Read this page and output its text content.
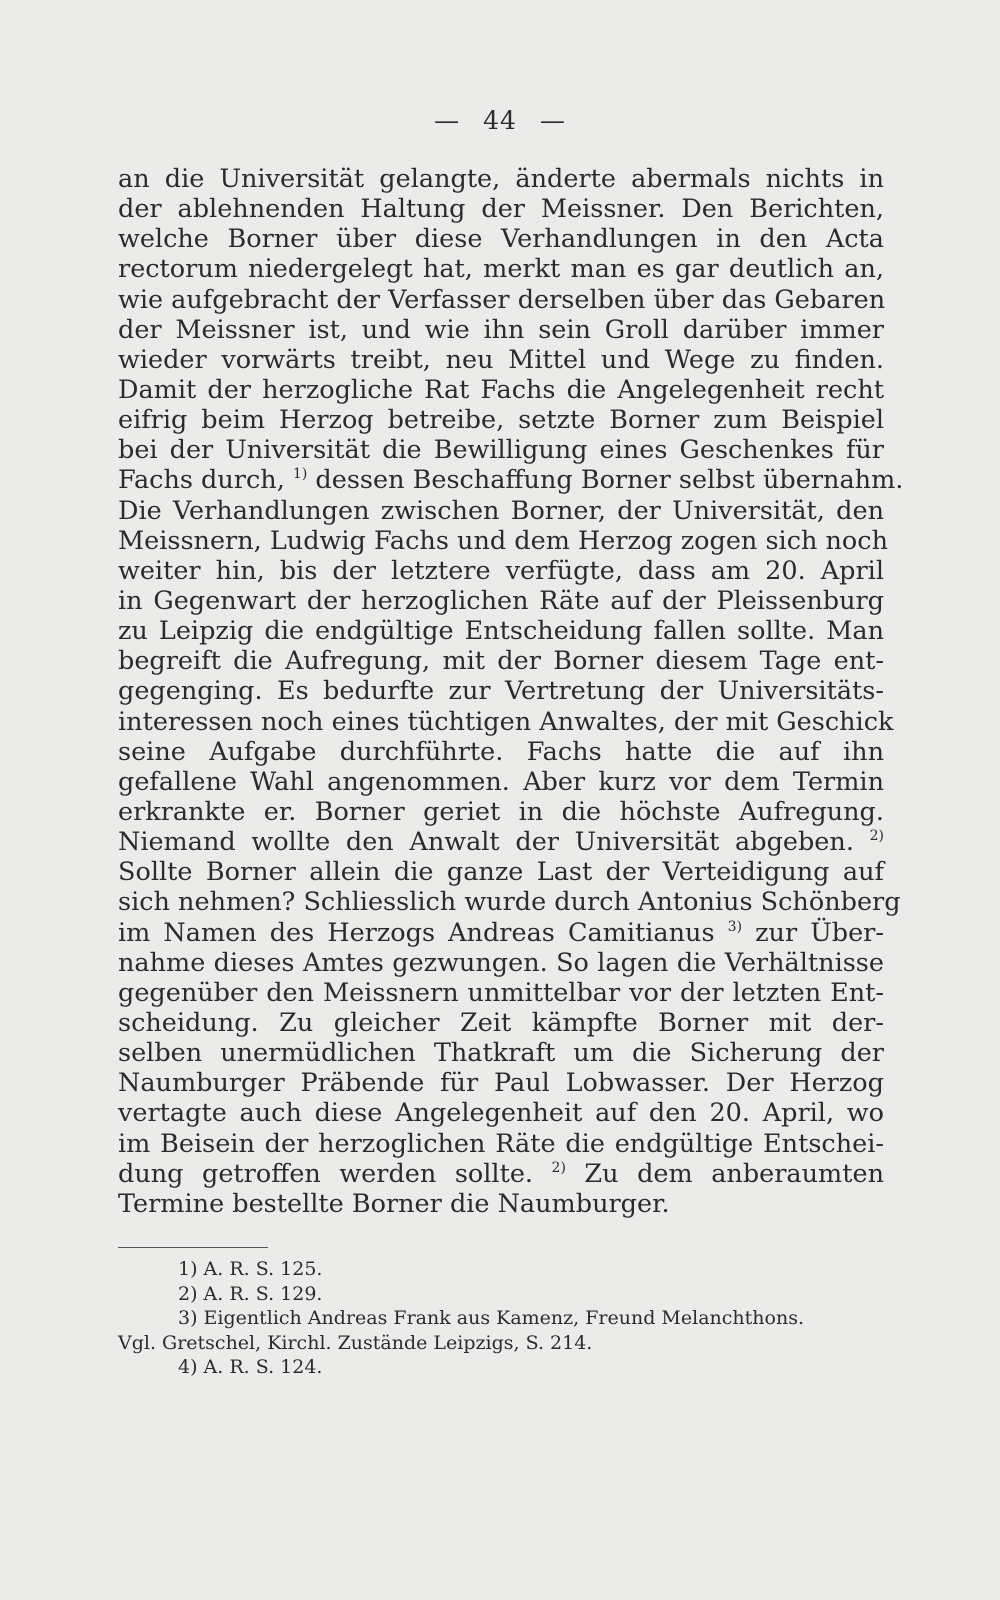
— 44 —
an die Universität gelangte, änderte abermals nichts in
der ablehnenden Haltung der Meissner. Den Berichten,
welche Borner über diese Verhandlungen in den Acta
rectorum niedergelegt hat, merkt man es gar deutlich an,
wie aufgebracht der Verfasser derselben über das Gebaren
der Meissner ist, und wie ihn sein Groll darüber immer
wieder vorwärts treibt, neu Mittel und Wege zu finden.
Damit der herzogliche Rat Fachs die Angelegenheit recht
eifrig beim Herzog betreibe, setzte Borner zum Beispiel
bei der Universität die Bewilligung eines Geschenkes für
Fachs durch, $^{1)}$ dessen Beschaffung Borner selbst übernahm.
Die Verhandlungen zwischen Borner, der Universität, den
Meissnern, Ludwig Fachs und dem Herzog zogen sich noch
weiter hin, bis der letztere verfügte, dass am 20. April
in Gegenwart der herzoglichen Räte auf der Pleissenburg
zu Leipzig die endgültige Entscheidung fallen sollte. Man
begreift die Aufregung, mit der Borner diesem Tage ent-
gegenging. Es bedurfte zur Vertretung der Universitäts-
interessen noch eines tüchtigen Anwaltes, der mit Geschick
seine Aufgabe durchführte. Fachs hatte die auf ihn
gefallene Wahl angenommen. Aber kurz vor dem Termin
erkrankte er. Borner geriet in die höchste Aufregung.
Niemand wollte den Anwalt der Universität abgeben. $^{2)}$
Sollte Borner allein die ganze Last der Verteidigung auf
sich nehmen? Schliesslich wurde durch Antonius Schönberg
im Namen des Herzogs Andreas Camitianus $^{3)}$ zur Über-
nahme dieses Amtes gezwungen. So lagen die Verhältnisse
gegenüber den Meissnern unmittelbar vor der letzten Ent-
scheidung. Zu gleicher Zeit kämpfte Borner mit der-
selben unermüdlichen Thatkraft um die Sicherung der
Naumburger Präbende für Paul Lobwasser. Der Herzog
vertagte auch diese Angelegenheit auf den 20. April, wo
im Beisein der herzoglichen Räte die endgültige Entschei-
dung getroffen werden sollte. $^{2)}$ Zu dem anberaumten
Termine bestellte Borner die Naumburger.
1) A. R. S. 125.
2) A. R. S. 129.
3) Eigentlich Andreas Frank aus Kamenz, Freund Melanchthons.
Vgl. Gretschel, Kirchl. Zustände Leipzigs, S. 214.
4) A. R. S. 124.
